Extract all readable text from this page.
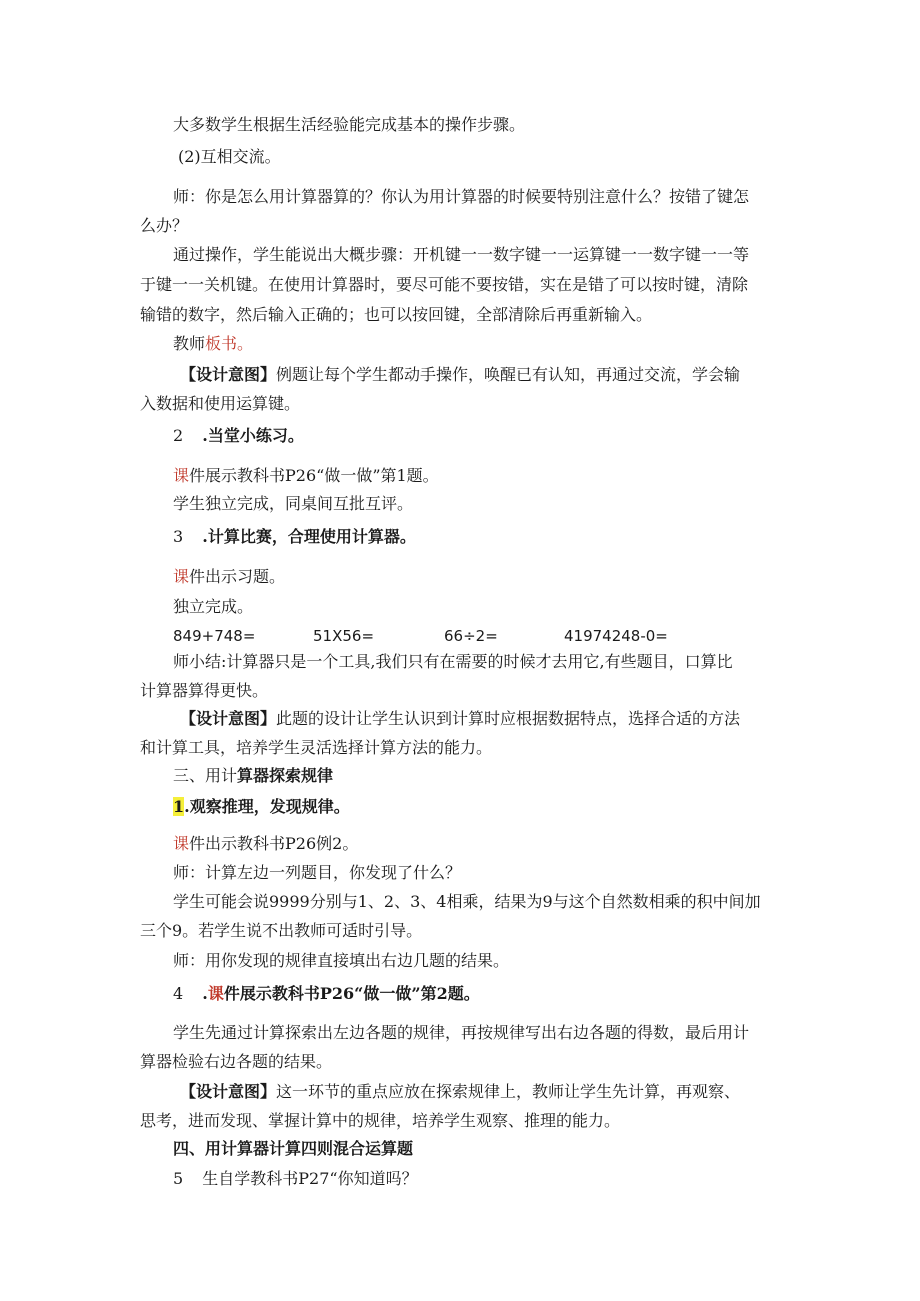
大多数学生根据生活经验能完成基本的操作步骤。
(2)互相交流。
师：你是怎么用计算器算的？你认为用计算器的时候要特别注意什么？按错了键怎
么办？
通过操作，学生能说出大概步骤：开机键一一数字键一一运算键一一数字键一一等
于键一一关机键。在使用计算器时，要尽可能不要按错，实在是错了可以按时键，清除
输错的数字，然后输入正确的；也可以按回键，全部清除后再重新输入。
教师板书。
【设计意图】例题让每个学生都动手操作，唤醒已有认知，再通过交流，学会输
入数据和使用运算键。
2 .当堂小练习。
课件展示教科书P26“做一做”第1题。
学生独立完成，同桌间互批互评。
3 .计算比赛，合理使用计算器。
课件出示习题。
独立完成。
849+748=	51X56=	66÷2=	41974248-0=
师小结:计算器只是一个工具,我们只有在需要的时候才去用它,有些题目，口算比
计算器算得更快。
【设计意图】此题的设计让学生认识到计算时应根据数据特点，选择合适的方法
和计算工具，培养学生灵活选择计算方法的能力。
三、用计算器探索规律
1.观察推理，发现规律。
课件出示教科书P26例2。
师：计算左边一列题目，你发现了什么？
学生可能会说9999分别与1、2、3、4相乘，结果为9与这个自然数相乘的积中间加
三个9。若学生说不出教师可适时引导。
师：用你发现的规律直接填出右边几题的结果。
4 .课件展示教科书P26“做一做”第2题。
学生先通过计算探索出左边各题的规律，再按规律写出右边各题的得数，最后用计
算器检验右边各题的结果。
【设计意图】这一环节的重点应放在探索规律上，教师让学生先计算，再观察、
思考，进而发现、掌握计算中的规律，培养学生观察、推理的能力。
四、用计算器计算四则混合运算题
5 生自学教科书P27“你知道吗？
